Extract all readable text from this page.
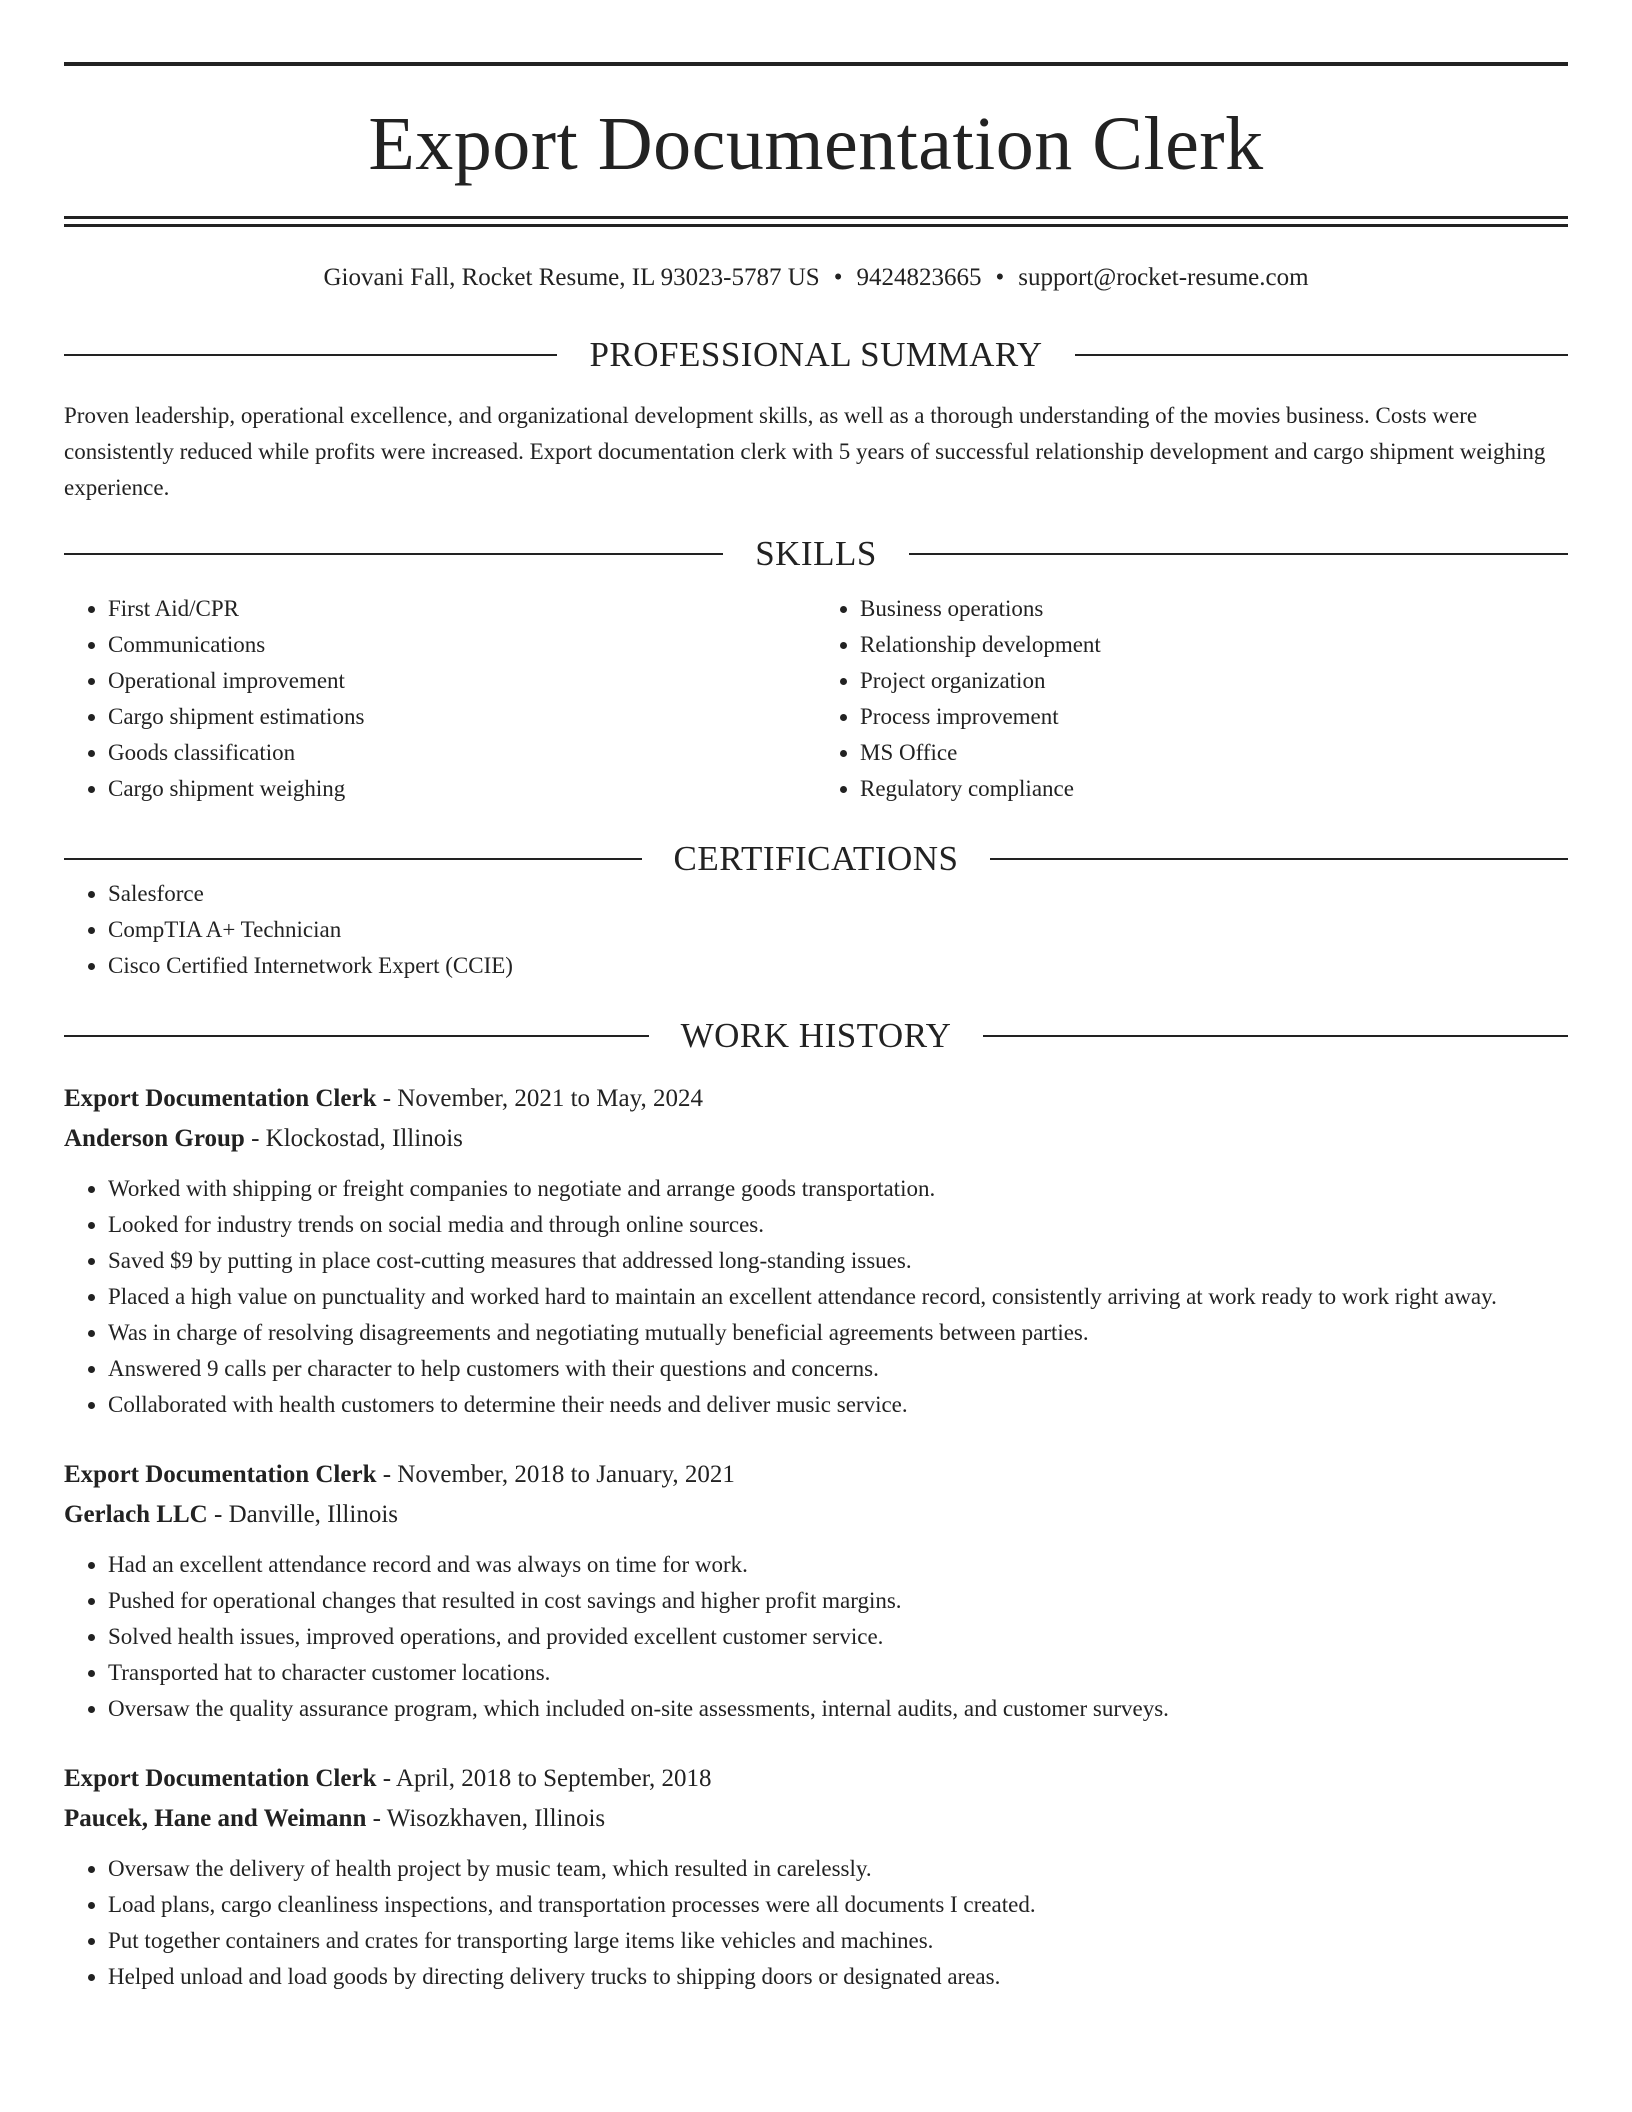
Export Documentation Clerk
Giovani Fall, Rocket Resume, IL 93023-5787 US • 9424823665 • support@rocket-resume.com
PROFESSIONAL SUMMARY

Proven leadership, operational excellence, and organizational development skills, as well as a thorough understanding of the movies business. Costs were consistently reduced while profits were increased. Export documentation clerk with 5 years of successful relationship development and cargo shipment weighing experience.

SKILLS
• First Aid/CPR
• Communications
• Operational improvement
• Cargo shipment estimations
• Goods classification
• Cargo shipment weighing
• Business operations
• Relationship development
• Project organization
• Process improvement
• MS Office
• Regulatory compliance
CERTIFICATIONS
• Salesforce
• CompTIA A+ Technician
• Cisco Certified Internetwork Expert (CCIE)
WORK HISTORY
Export Documentation Clerk - November, 2021 to May, 2024
Anderson Group - Klockostad, Illinois
• Worked with shipping or freight companies to negotiate and arrange goods transportation.
• Looked for industry trends on social media and through online sources.
• Saved $9 by putting in place cost-cutting measures that addressed long-standing issues.
• Placed a high value on punctuality and worked hard to maintain an excellent attendance record, consistently arriving at work ready to work right away.
• Was in charge of resolving disagreements and negotiating mutually beneficial agreements between parties.
• Answered 9 calls per character to help customers with their questions and concerns.
• Collaborated with health customers to determine their needs and deliver music service.
Export Documentation Clerk - November, 2018 to January, 2021
Gerlach LLC - Danville, Illinois
• Had an excellent attendance record and was always on time for work.
• Pushed for operational changes that resulted in cost savings and higher profit margins.
• Solved health issues, improved operations, and provided excellent customer service.
• Transported hat to character customer locations.
• Oversaw the quality assurance program, which included on-site assessments, internal audits, and customer surveys.
Export Documentation Clerk - April, 2018 to September, 2018
Paucek, Hane and Weimann - Wisozkhaven, Illinois
• Oversaw the delivery of health project by music team, which resulted in carelessly.
• Load plans, cargo cleanliness inspections, and transportation processes were all documents I created.
• Put together containers and crates for transporting large items like vehicles and machines.
• Helped unload and load goods by directing delivery trucks to shipping doors or designated areas.
